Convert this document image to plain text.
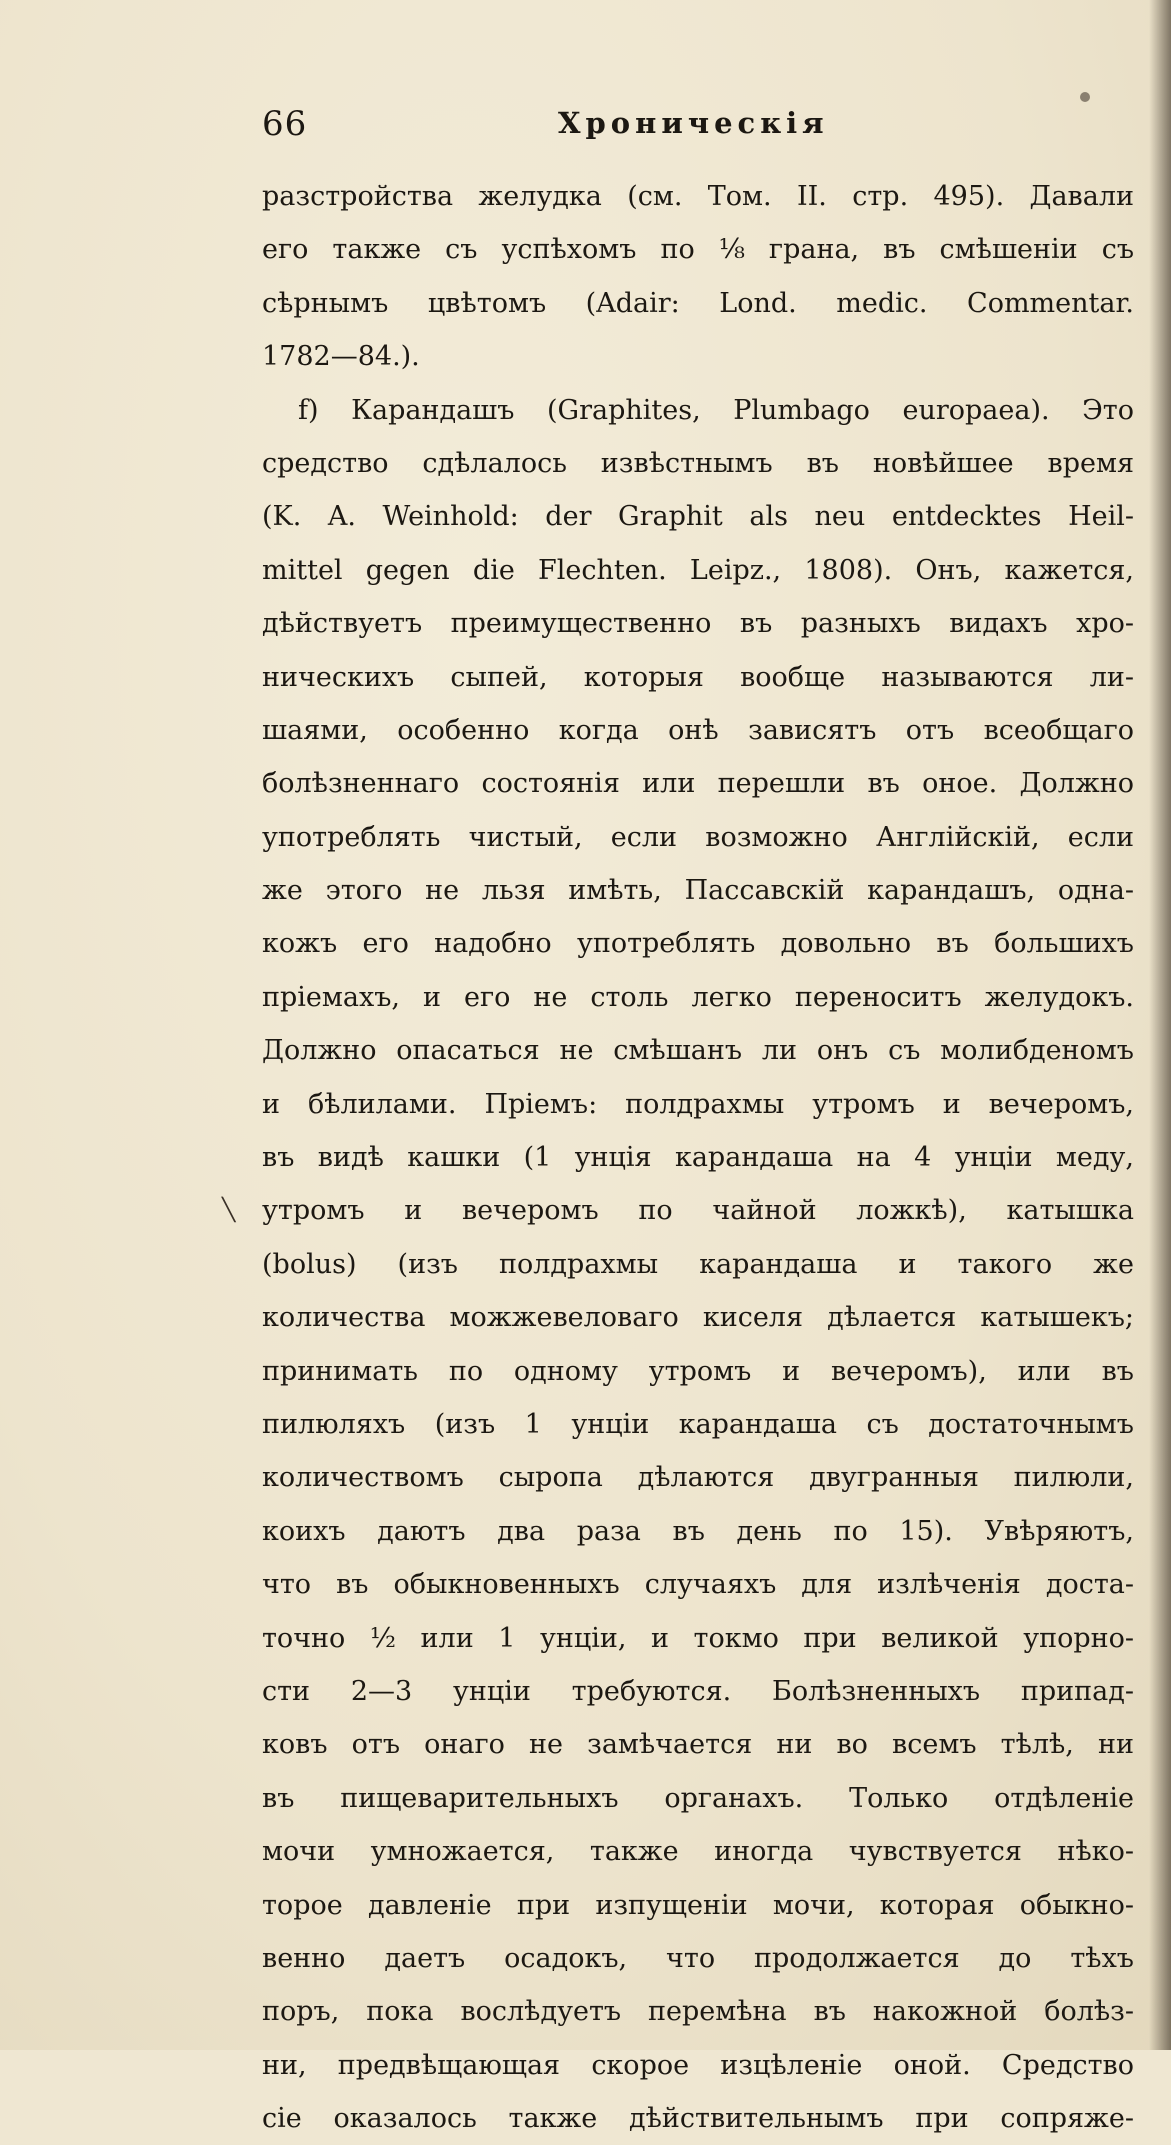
66	Хроническія
╲
разстройства желудка (см. Том. II. стр. 495). Давали
его также съ успѣхомъ по ⅛ грана, въ смѣшеніи съ
сѣрнымъ цвѣтомъ (Adair: Lond. medic. Commentar.
1782—84.).
f) Карандашъ (Graphites, Plumbago europaea). Это
средство сдѣлалось извѣстнымъ въ новѣйшее время
(K. A. Weinhold: der Graphit als neu entdecktes Heil-
mittel gegen die Flechten. Leipz., 1808). Онъ, кажется,
дѣйствуетъ преимущественно въ разныхъ видахъ хро-
ническихъ сыпей, которыя вообще называются ли-
шаями, особенно когда онѣ зависятъ отъ всеобщаго
болѣзненнаго состоянія или перешли въ оное. Должно
употреблять чистый, если возможно Англійскій, если
же этого не льзя имѣть, Пассавскій карандашъ, одна-
кожъ его надобно употреблять довольно въ большихъ
пріемахъ, и его не столь легко переноситъ желудокъ.
Должно опасаться не смѣшанъ ли онъ съ молибденомъ
и бѣлилами. Пріемъ: полдрахмы утромъ и вечеромъ,
въ видѣ кашки (1 унція карандаша на 4 унціи меду,
утромъ и вечеромъ по чайной ложкѣ), катышка
(bolus) (изъ полдрахмы карандаша и такого же
количества можжевеловаго киселя дѣлается катышекъ;
принимать по одному утромъ и вечеромъ), или въ
пилюляхъ (изъ 1 унціи карандаша съ достаточнымъ
количествомъ сыропа дѣлаются двугранныя пилюли,
коихъ даютъ два раза въ день по 15). Увѣряютъ,
что въ обыкновенныхъ случаяхъ для излѣченія доста-
точно ½ или 1 унціи, и токмо при великой упорно-
сти 2—3 унціи требуются. Болѣзненныхъ припад-
ковъ отъ онаго не замѣчается ни во всемъ тѣлѣ, ни
въ пищеварительныхъ органахъ. Только отдѣленіе
мочи умножается, также иногда чувствуется нѣко-
торое давленіе при изпущеніи мочи, которая обыкно-
венно даетъ осадокъ, что продолжается до тѣхъ
поръ, пока вослѣдуетъ перемѣна въ накожной болѣз-
ни, предвѣщающая скорое изцѣленіе оной. Средство
сіе оказалось также дѣйствительнымъ при сопряже-
